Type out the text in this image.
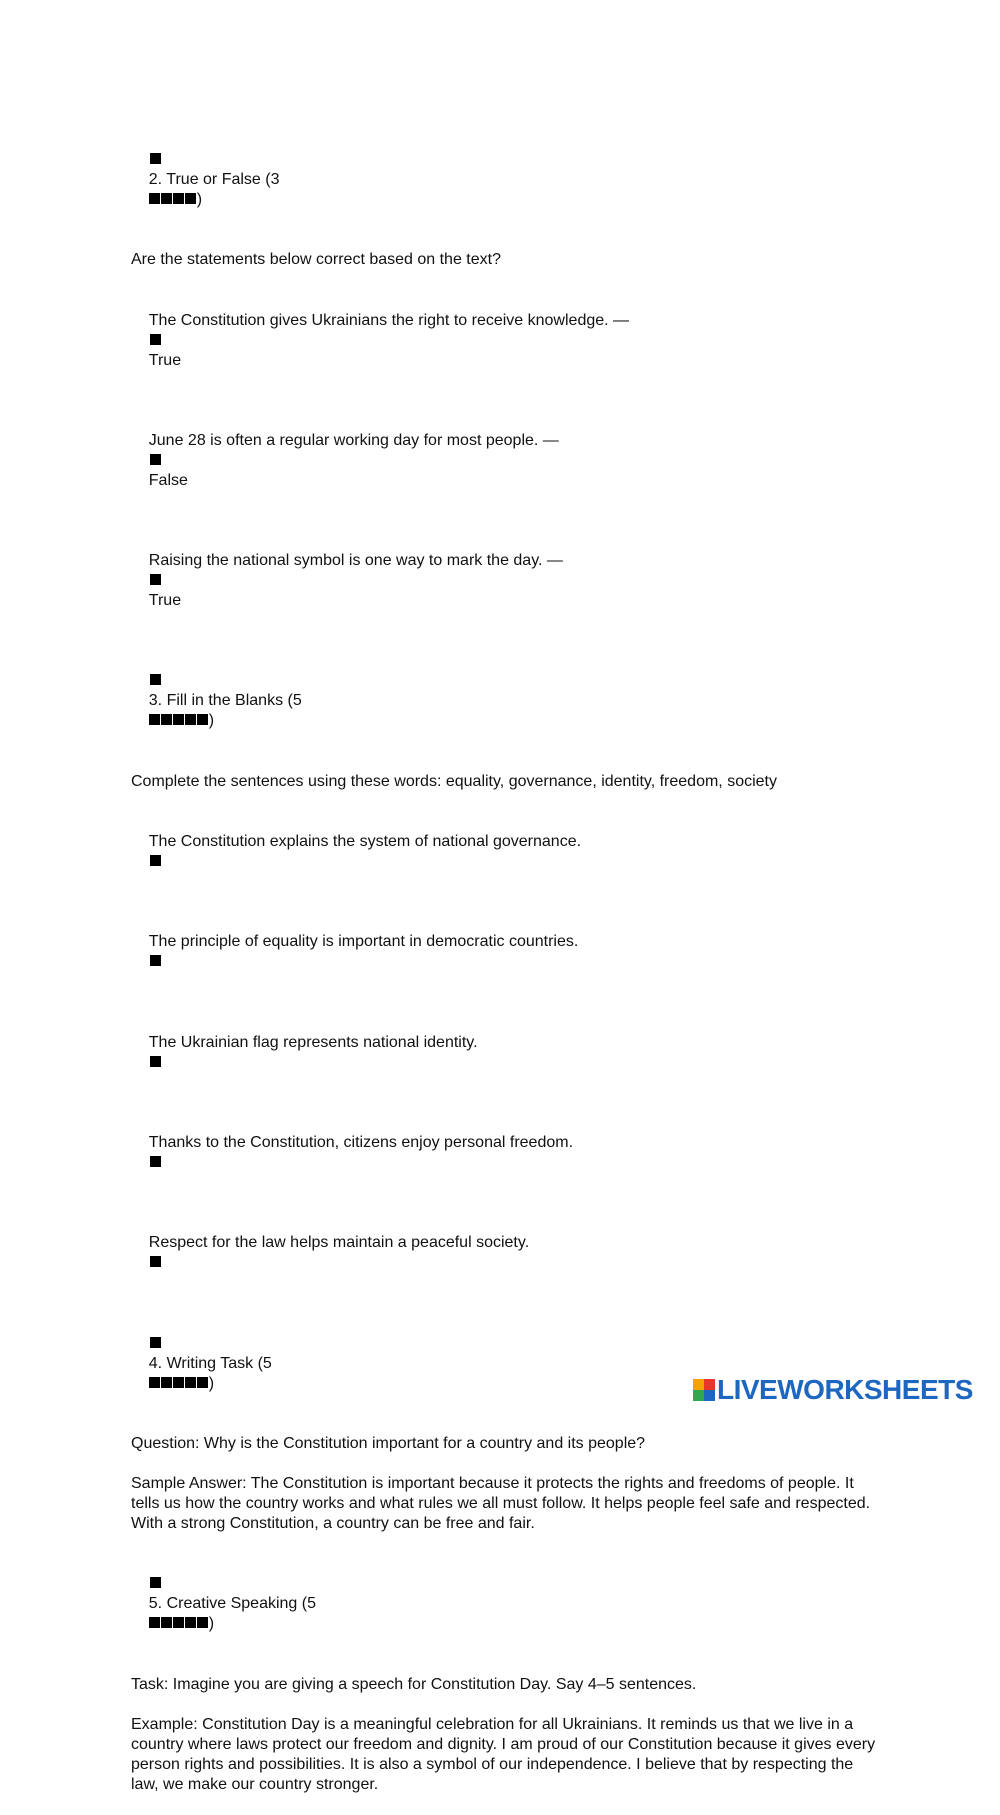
2. True or False (3
)

Are the statements below correct based on the text?

The Constitution gives Ukrainians the right to receive knowledge. —

True

June 28 is often a regular working day for most people. —

False

Raising the national symbol is one way to mark the day. —

True

3. Fill in the Blanks (5
)

Complete the sentences using these words: equality, governance, identity, freedom, society

The Constitution explains the system of national governance.

The principle of equality is important in democratic countries.

The Ukrainian flag represents national identity.

Thanks to the Constitution, citizens enjoy personal freedom.

Respect for the law helps maintain a peaceful society.

4. Writing Task (5
)

Question: Why is the Constitution important for a country and its people?

Sample Answer: The Constitution is important because it protects the rights and freedoms of people. It tells us how the country works and what rules we all must follow. It helps people feel safe and respected. With a strong Constitution, a country can be free and fair.

5. Creative Speaking (5
)

Task: Imagine you are giving a speech for Constitution Day. Say 4–5 sentences.

Example: Constitution Day is a meaningful celebration for all Ukrainians. It reminds us that we live in a country where laws protect our freedom and dignity. I am proud of our Constitution because it gives every person rights and possibilities. It is also a symbol of our independence. I believe that by respecting the law, we make our country stronger.

LIVEWORKSHEETS
